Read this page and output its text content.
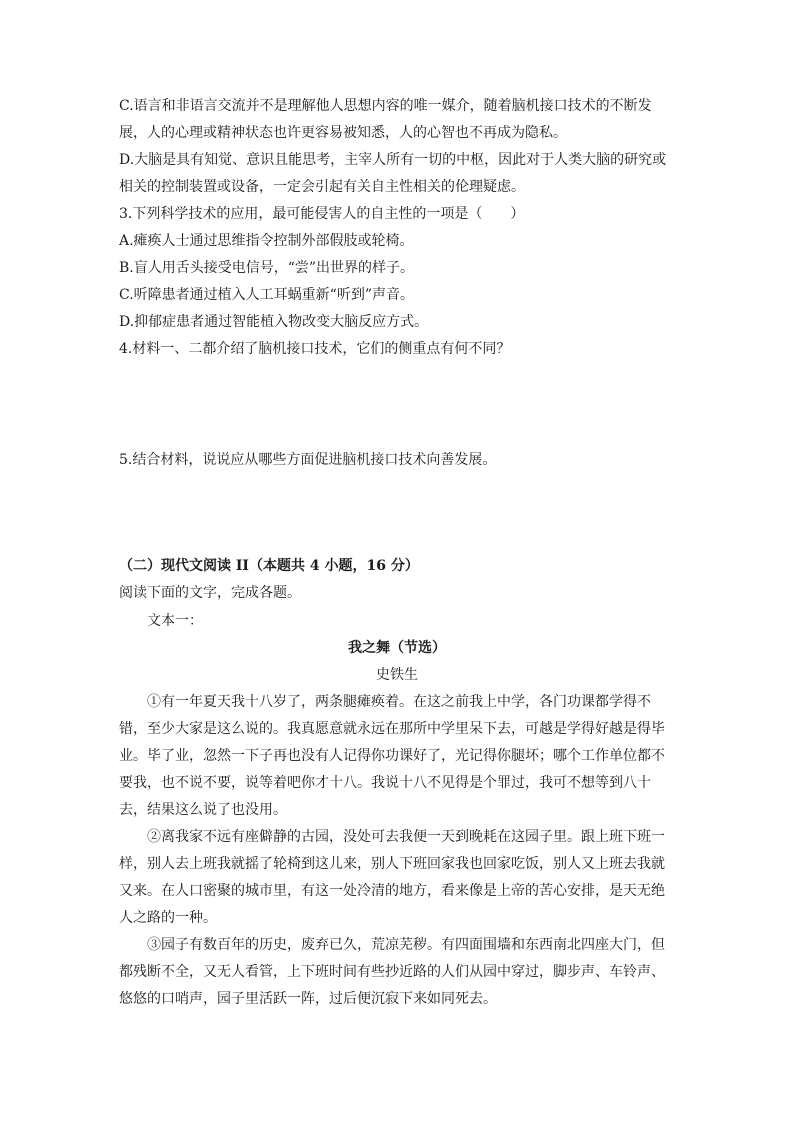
C.语言和非语言交流并不是理解他人思想内容的唯一媒介，随着脑机接口技术的不断发
展，人的心理或精神状态也许更容易被知悉，人的心智也不再成为隐私。
D.大脑是具有知觉、意识且能思考，主宰人所有一切的中枢，因此对于人类大脑的研究或
相关的控制装置或设备，一定会引起有关自主性相关的伦理疑虑。
3.下列科学技术的应用，最可能侵害人的自主性的一项是（　　）
A.瘫痪人士通过思维指令控制外部假肢或轮椅。
B.盲人用舌头接受电信号，“尝”出世界的样子。
C.听障患者通过植入人工耳蜗重新“听到”声音。
D.抑郁症患者通过智能植入物改变大脑反应方式。
4.材料一、二都介绍了脑机接口技术，它们的侧重点有何不同？
5.结合材料，说说应从哪些方面促进脑机接口技术向善发展。
（二）现代文阅读 II（本题共 4 小题，16 分）
阅读下面的文字，完成各题。
文本一：
我之舞（节选）
史铁生
①有一年夏天我十八岁了，两条腿瘫痪着。在这之前我上中学，各门功课都学得不
错，至少大家是这么说的。我真愿意就永远在那所中学里呆下去，可越是学得好越是得毕
业。毕了业，忽然一下子再也没有人记得你功课好了，光记得你腿坏；哪个工作单位都不
要我，也不说不要，说等着吧你才十八。我说十八不见得是个罪过，我可不想等到八十
去，结果这么说了也没用。
②离我家不远有座僻静的古园，没处可去我便一天到晚耗在这园子里。跟上班下班一
样，别人去上班我就摇了轮椅到这儿来，别人下班回家我也回家吃饭，别人又上班去我就
又来。在人口密聚的城市里，有这一处冷清的地方，看来像是上帝的苦心安排，是天无绝
人之路的一种。
③园子有数百年的历史，废弃已久，荒凉芜秽。有四面围墙和东西南北四座大门，但
都残断不全，又无人看管，上下班时间有些抄近路的人们从园中穿过，脚步声、车铃声、
悠悠的口哨声，园子里活跃一阵，过后便沉寂下来如同死去。
